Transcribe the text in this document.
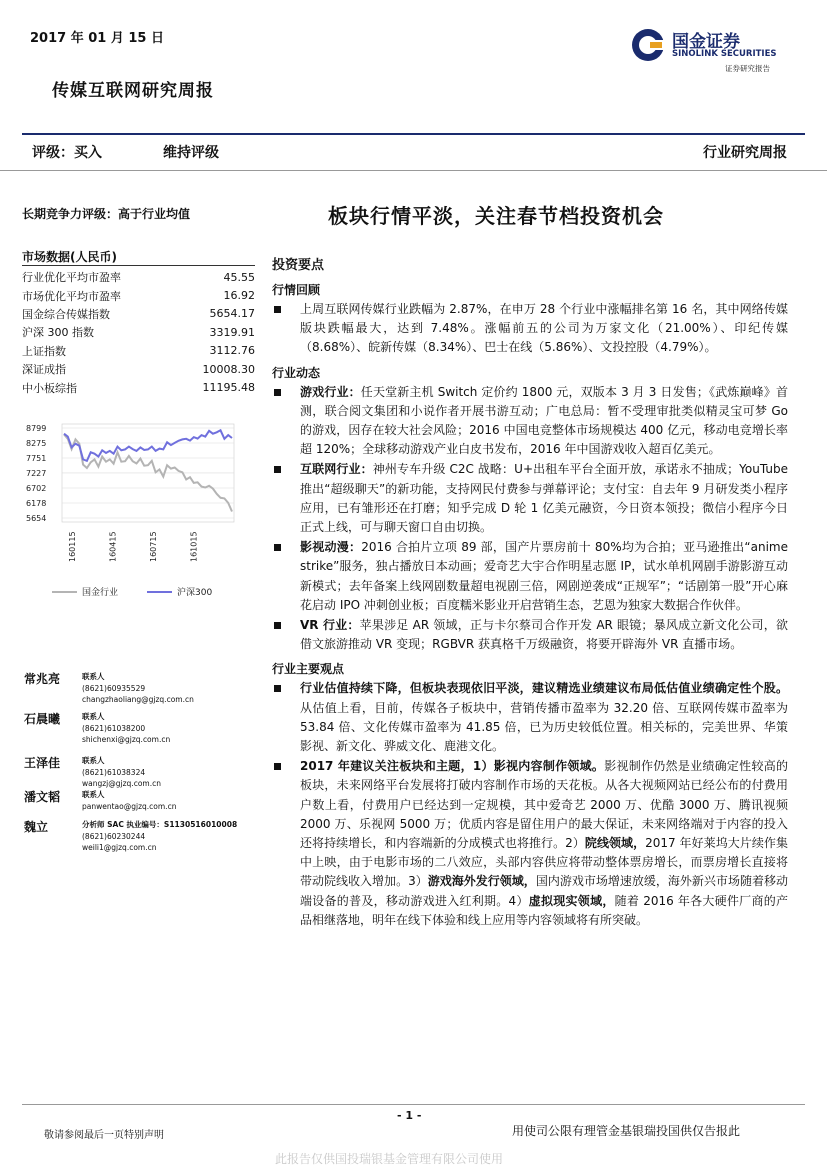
2017 年 01 月 15 日
传媒互联网研究周报
国金证券
SINOLINK SECURITIES
证券研究报告
评级：买入	维持评级	行业研究周报
长期竞争力评级：高于行业均值	板块行情平淡，关注春节档投资机会
市场数据(人民币)
行业优化平均市盈率	45.55
市场优化平均市盈率	16.92
国金综合传媒指数	5654.17
沪深 300 指数	3319.91
上证指数	3112.76
深证成指	10008.30
中小板综指	11195.48
8799
8275
7751
7227
6702
6178
5654
160115	160415	160715	161015
国金行业	沪深300
常兆亮	联系人
(8621)60935529
changzhaoliang@gjzq.com.cn
石晨曦	联系人
(8621)61038200
shichenxi@gjzq.com.cn
王泽佳	联系人
(8621)61038324
wangzj@gjzq.com.cn
潘文韬	联系人
panwentao@gjzq.com.cn
魏立	分析师 SAC 执业编号：S1130516010008
(8621)60230244
weili1@gjzq.com.cn
投资要点
行情回顾
上周互联网传媒行业跌幅为 2.87%，在申万 28 个行业中涨幅排名第 16 名，其中网络传媒版块跌幅最大，达到 7.48%。涨幅前五的公司为万家文化（21.00%）、印纪传媒（8.68%）、皖新传媒（8.34%）、巴士在线（5.86%）、文投控股（4.79%）。
行业动态
游戏行业：任天堂新主机 Switch 定价约 1800 元，双版本 3 月 3 日发售；《武炼巅峰》首测，联合阅文集团和小说作者开展书游互动；广电总局：暂不受理审批类似精灵宝可梦 Go 的游戏，因存在较大社会风险；2016 中国电竞整体市场规模达 400 亿元，移动电竞增长率超 120%；全球移动游戏产业白皮书发布，2016 年中国游戏收入超百亿美元。
互联网行业：神州专车升级 C2C 战略：U+出租车平台全面开放，承诺永不抽成；YouTube 推出“超级聊天”的新功能，支持网民付费参与弹幕评论；支付宝：自去年 9 月研发类小程序应用，已有雏形还在打磨；知乎完成 D 轮 1 亿美元融资，今日资本领投；微信小程序今日正式上线，可与聊天窗口自由切换。
影视动漫：2016 合拍片立项 89 部，国产片票房前十 80%均为合拍；亚马逊推出“anime strike”服务，独占播放日本动画；爱奇艺大宇合作明星志愿 IP，试水单机网剧手游影游互动新模式；去年备案上线网剧数量超电视剧三倍，网剧逆袭成“正规军”；“话剧第一股”开心麻花启动 IPO 冲刺创业板；百度糯米影业开启营销生态，艺恩为独家大数据合作伙伴。
VR 行业：苹果涉足 AR 领域，正与卡尔蔡司合作开发 AR 眼镜；暴风成立新文化公司，欲借文旅游推动 VR 变现；RGBVR 获真格千万级融资，将要开辟海外 VR 直播市场。
行业主要观点
行业估值持续下降，但板块表现依旧平淡，建议精选业绩建议布局低估值业绩确定性个股。从估值上看，目前，传媒各子板块中，营销传播市盈率为 32.20 倍、互联网传媒市盈率为 53.84 倍、文化传媒市盈率为 41.85 倍，已为历史较低位置。相关标的，完美世界、华策影视、新文化、骅威文化、鹿港文化。
2017 年建议关注板块和主题，1）影视内容制作领域。影视制作仍然是业绩确定性较高的板块，未来网络平台发展将打破内容制作市场的天花板。从各大视频网站已经公布的付费用户数上看，付费用户已经达到一定规模，其中爱奇艺 2000 万、优酷 3000 万、腾讯视频 2000 万、乐视网 5000 万；优质内容是留住用户的最大保证，未来网络端对于内容的投入还将持续增长，和内容端新的分成模式也将推行。2）院线领域，2017 年好莱坞大片续作集中上映，由于电影市场的二八效应，头部内容供应将带动整体票房增长，而票房增长直接将带动院线收入增加。3）游戏海外发行领域，国内游戏市场增速放缓，海外新兴市场随着移动端设备的普及，移动游戏进入红利期。4）虚拟现实领域，随着 2016 年各大硬件厂商的产品相继落地，明年在线下体验和线上应用等内容领域将有所突破。
- 1 -
敬请参阅最后一页特别声明	用使司公限有理管金基银瑞投国供仅告报此
此报告仅供国投瑞银基金管理有限公司使用
